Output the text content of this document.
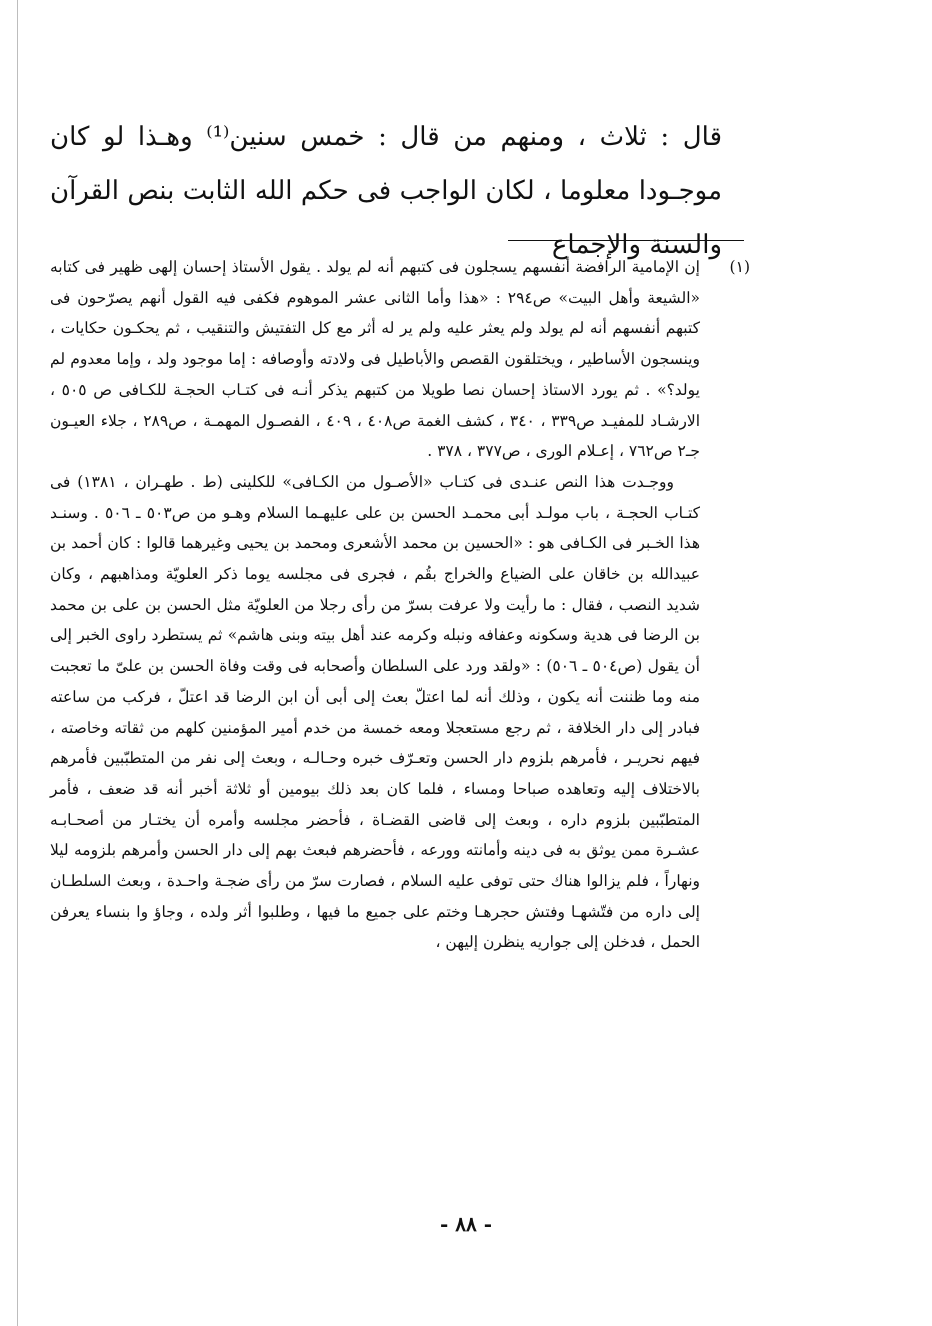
قال : ثلاث ، ومنهم من قال : خمس سنين⁽¹⁾ وهـذا لو كان موجـودا معلوما ، لكان الواجب فى حكم الله الثابت بنص القرآن والسنة والإجماع

(١)

إن الإمامية الرافضة أنفسهم يسجلون فى كتبهم أنه لم يولد . يقول الأستاذ إحسان إلهى ظهير فى كتابه «الشيعة وأهل البيت» ص٢٩٤ : «هذا وأما الثانى عشر الموهوم فكفى فيه القول أنهم يصرّحون فى كتبهم أنفسهم أنه لم يولد ولم يعثر عليه ولم ير له أثر مع كل التفتيش والتنقيب ، ثم يحكـون حكايات ، وينسجون الأساطير ، ويختلقون القصص والأباطيل فى ولادته وأوصافه : إما موجود ولد ، وإما معدوم لم يولد؟» . ثم يورد الاستاذ إحسان نصا طويلا من كتبهم يذكر أنـه فى كتـاب الحجـة للكـافى ص ٥٠٥ ، الارشـاد للمفيـد ص٣٣٩ ، ٣٤٠ ، كشف الغمة ص٤٠٨ ، ٤٠٩ ، الفصـول المهمـة ، ص٢٨٩ ، جلاء العيـون جـ٢ ص٧٦٢ ، إعـلام الورى ، ص٣٧٧ ، ٣٧٨ .

ووجـدت هذا النص عنـدى فى كتـاب «الأصـول من الكـافى» للكلينى (ط . طهـران ، ١٣٨١) فى كتـاب الحجـة ، باب مولـد أبى محمـد الحسن بن على عليهـما السلام وهـو من ص٥٠٣ ـ ٥٠٦ . وسنـد هذا الخـبر فى الكـافى هو : «الحسين بن محمد الأشعرى ومحمد بن يحيى وغيرهما قالوا : كان أحمد بن عبيدالله بن خاقان على الضياع والخراج بقُم ، فجرى فى مجلسه يوما ذكر العلويّة ومذاهبهم ، وكان شديد النصب ، فقال : ما رأيت ولا عرفت بسرّ من رأى رجلا من العلويّة مثل الحسن بن على بن محمد بن الرضا فى هدية وسكونه وعفافه ونبله وكرمه عند أهل بيته وبنى هاشم» ثم يستطرد راوى الخبر إلى أن يقول (ص٥٠٤ ـ ٥٠٦) : «ولقد ورد على السلطان وأصحابه فى وقت وفاة الحسن بن علىّ ما تعجبت منه وما ظننت أنه يكون ، وذلك أنه لما اعتلّ بعث إلى أبى أن ابن الرضا قد اعتلّ ، فركب من ساعته فبادر إلى دار الخلافة ، ثم رجع مستعجلا ومعه خمسة من خدم أمير المؤمنين كلهم من ثقاته وخاصته ، فيهم نحريـر ، فأمرهم بلزوم دار الحسن وتعـرّف خبره وحـالـه ، وبعث إلى نفر من المتطبّبين فأمرهم بالاختلاف إليه وتعاهده صباحا ومساء ، فلما كان بعد ذلك بيومين أو ثلاثة أخبر أنه قد ضعف ، فأمر المتطبّبين بلزوم داره ، وبعث إلى قاضى القضـاة ، فأحضر مجلسه وأمره أن يختـار من أصحـابـه عشـرة ممن يوثق به فى دينه وأمانته وورعه ، فأحضرهم فبعث بهم إلى دار الحسن وأمرهم بلزومه ليلا ونهاراً ، فلم يزالوا هناك حتى توفى عليه السلام ، فصارت سرّ من رأى ضجـة واحـدة ، وبعث السلطـان إلى داره من فتّشهـا وفتش حجرهـا وختم على جميع ما فيها ، وطلبوا أثر ولده ، وجاؤ وا بنساء يعرفن الحمل ، فدخلن إلى جواريه ينظرن إليهن ،

- ٨٨ -
